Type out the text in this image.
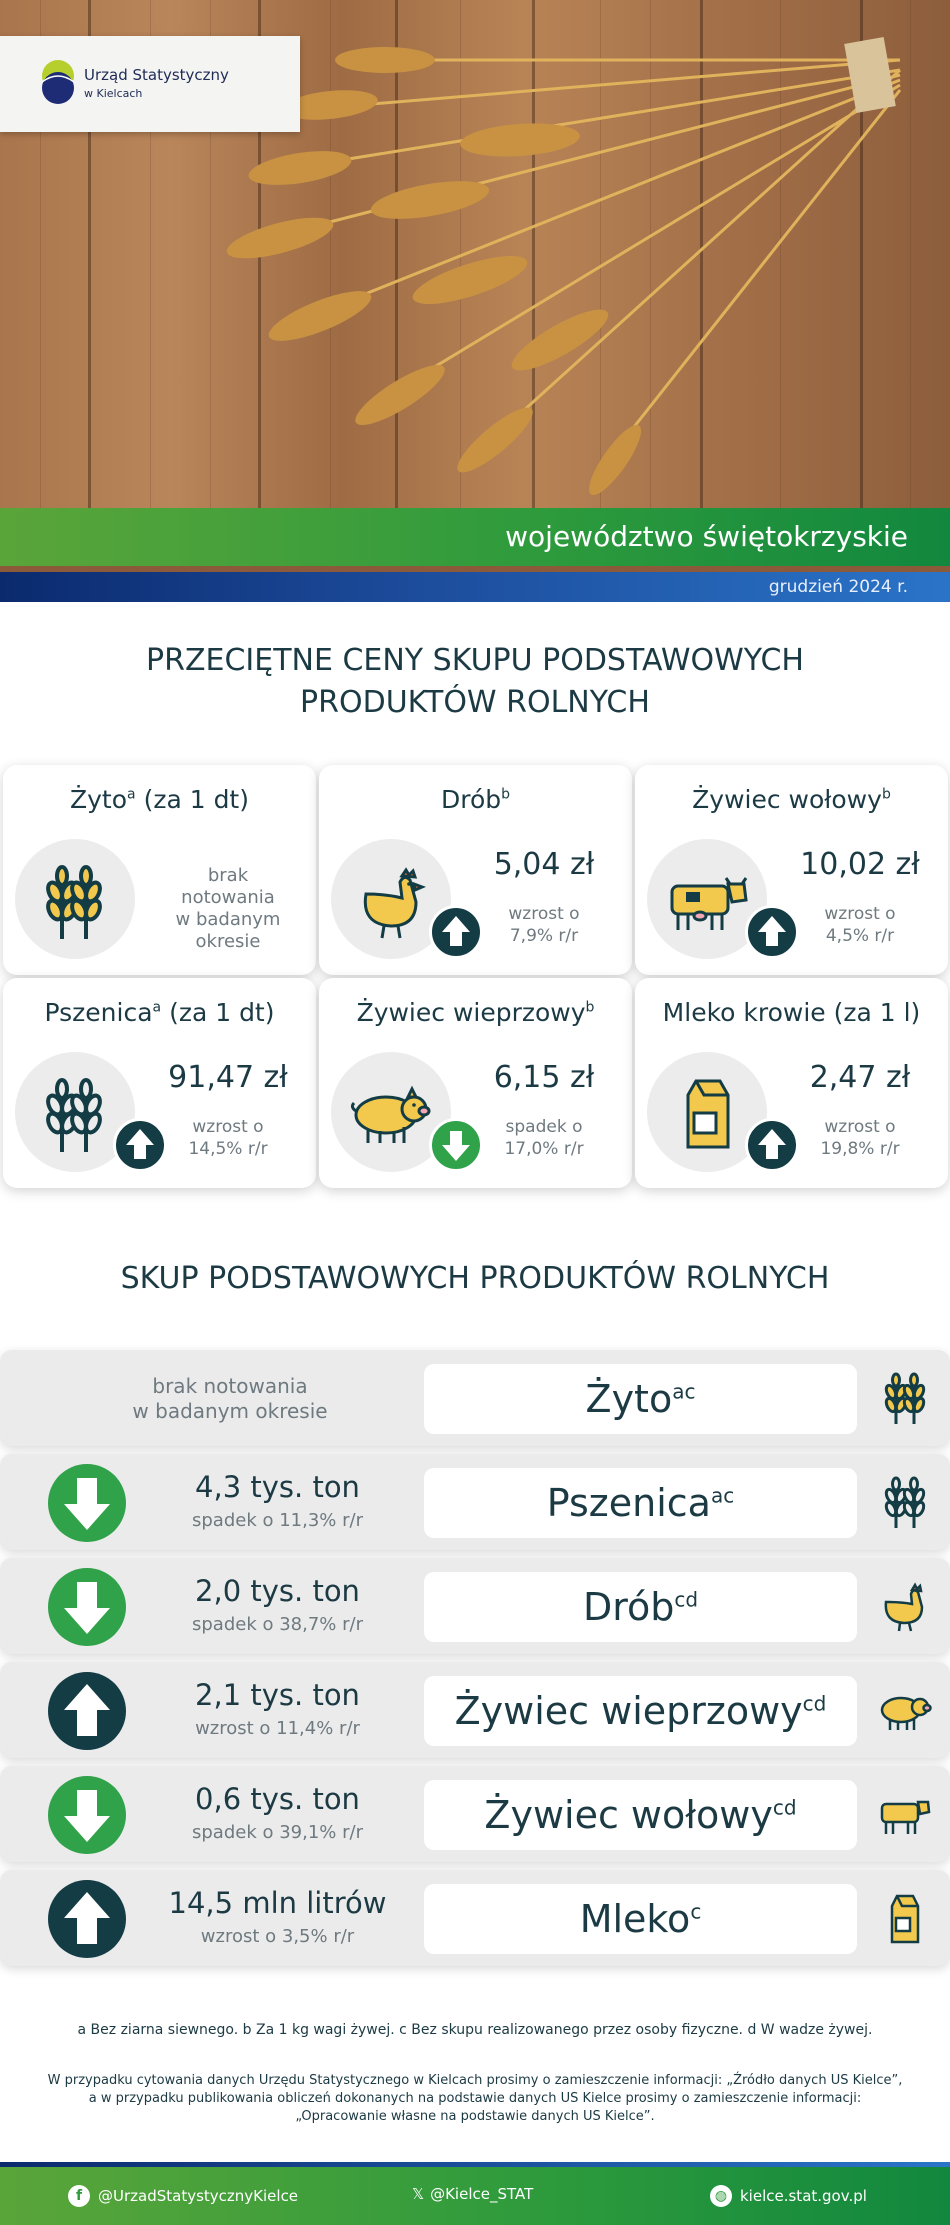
Urząd Statystyczny
w Kielcach
województwo świętokrzyskie
grudzień 2024 r.
PRZECIĘTNE CENY SKUPU PODSTAWOWYCH
PRODUKTÓW ROLNYCH
Żyto$^a$ (za 1 dt)
brak
notowania
w badanym
okresie
Drób$^b$
5,04 zł
wzrost o
7,9% r/r
Żywiec wołowy$^b$
10,02 zł
wzrost o
4,5% r/r
Pszenica$^a$ (za 1 dt)
91,47 zł
wzrost o
14,5% r/r
Żywiec wieprzowy$^b$
6,15 zł
spadek o
17,0% r/r
Mleko krowie (za 1 l)
2,47 zł
wzrost o
19,8% r/r
SKUP PODSTAWOWYCH PRODUKTÓW ROLNYCH
brak notowania
w badanym okresie	Żyto$^{ac}$
4,3 tys. ton
spadek o 11,3% r/r	Pszenica$^{ac}$
2,0 tys. ton
spadek o 38,7% r/r	Drób$^{cd}$
2,1 tys. ton
wzrost o 11,4% r/r	Żywiec wieprzowy$^{cd}$
0,6 tys. ton
spadek o 39,1% r/r	Żywiec wołowy$^{cd}$
14,5 mln litrów
wzrost o 3,5% r/r	Mleko$^c$
a Bez ziarna siewnego. b Za 1 kg wagi żywej. c Bez skupu realizowanego przez osoby fizyczne. d W wadze żywej.
W przypadku cytowania danych Urzędu Statystycznego w Kielcach prosimy o zamieszczenie informacji: „Źródło danych US Kielce”,
a w przypadku publikowania obliczeń dokonanych na podstawie danych US Kielce prosimy o zamieszczenie informacji:
„Opracowanie własne na podstawie danych US Kielce”.
f	@UrzadStatystycznyKielce	𝕏 @Kielce_STAT	◍ kielce.stat.gov.pl
